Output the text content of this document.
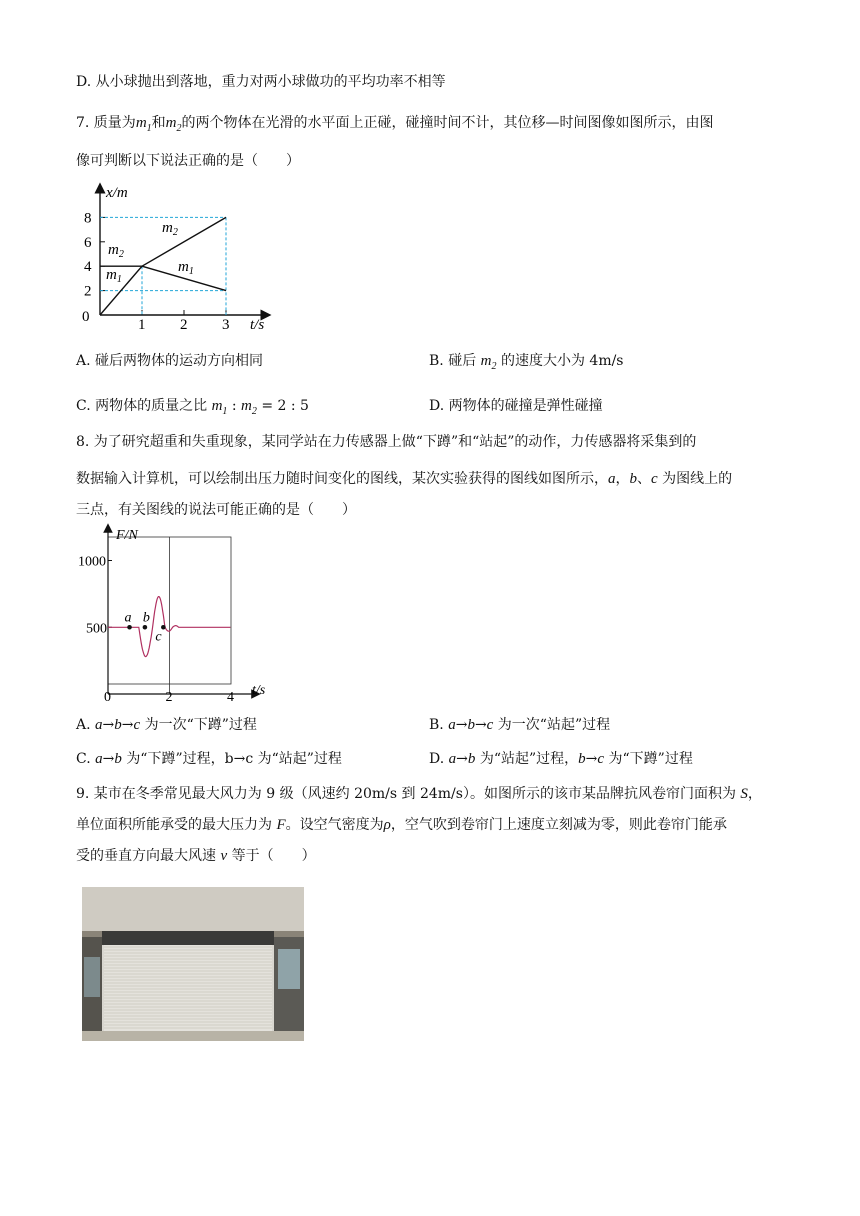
D. 从小球抛出到落地，重力对两小球做功的平均功率不相等
7. 质量为$m_1$和$m_2$的两个物体在光滑的水平面上正碰，碰撞时间不计，其位移—时间图像如图所示，由图
像可判断以下说法正确的是（　　）
x/m
t/s
0	1 2 3
2
4
6
8
$m_2$
$m_1$
$m_2$
$m_1$
A. 碰后两物体的运动方向相同	B. 碰后 $m_2$ 的速度大小为 4m/s
C. 两物体的质量之比 $m_1$ : $m_2 = 2$ : 5	D. 两物体的碰撞是弹性碰撞
8. 为了研究超重和失重现象，某同学站在力传感器上做“下蹲”和“站起”的动作，力传感器将采集到的
数据输入计算机，可以绘制出压力随时间变化的图线，某次实验获得的图线如图所示，a，b、c 为图线上的
三点，有关图线的说法可能正确的是（　　）
F/N
t/s
0	2	4
500
1000
a b
c
A. a→b→c 为一次“下蹲”过程	B. a→b→c 为一次“站起”过程
C. a→b 为“下蹲”过程，b→c 为“站起”过程	D. a→b 为“站起”过程，b→c 为“下蹲”过程
9. 某市在冬季常见最大风力为 9 级（风速约 20m/s 到 24m/s）。如图所示的该市某品牌抗风卷帘门面积为 S，
单位面积所能承受的最大压力为 F。设空气密度为ρ，空气吹到卷帘门上速度立刻减为零，则此卷帘门能承
受的垂直方向最大风速 v 等于（　　）
